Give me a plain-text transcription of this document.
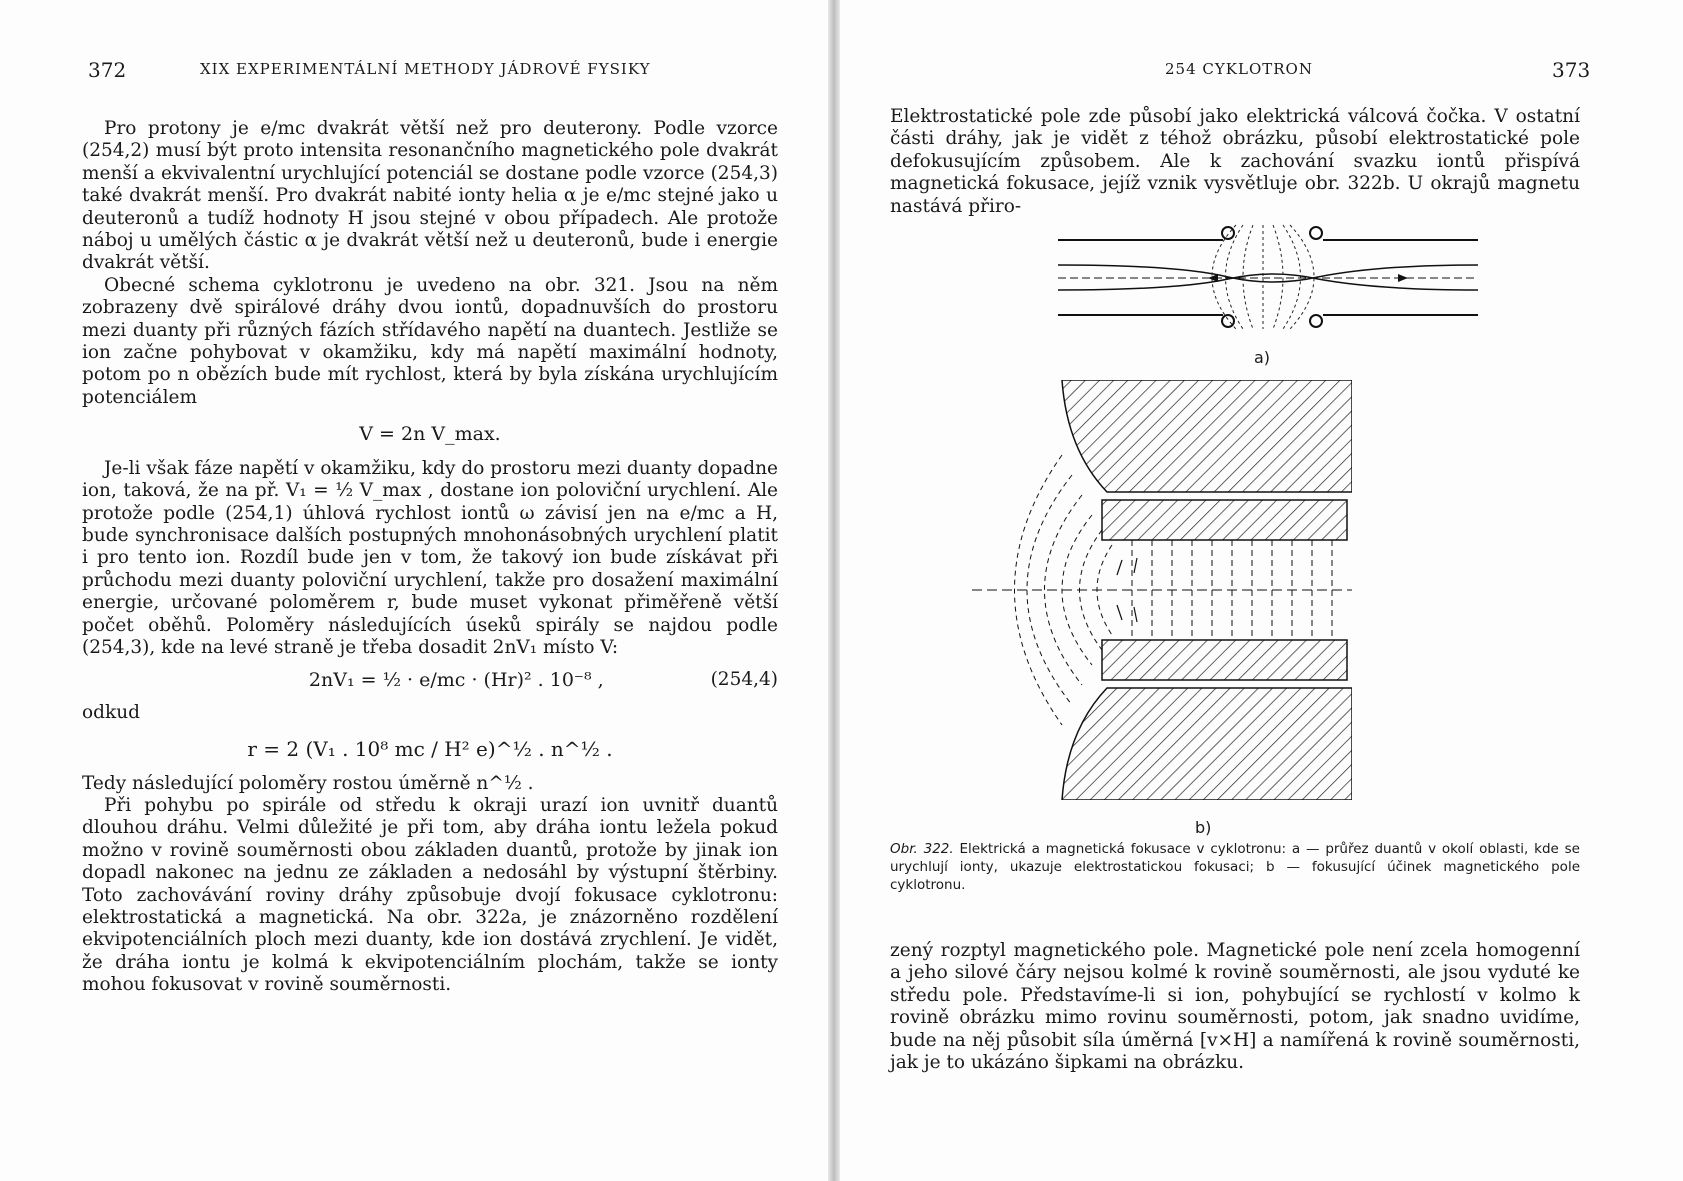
372	XIX EXPERIMENTÁLNÍ METHODY JÁDROVÉ FYSIKY

Pro protony je e/mc dvakrát větší než pro deuterony. Podle vzorce (254,2) musí být proto intensita resonančního magnetického pole dvakrát menší a ekvivalentní urychlující potenciál se dostane podle vzorce (254,3) také dvakrát menší. Pro dvakrát nabité ionty helia α je e/mc stejné jako u deuteronů a tudíž hodnoty H jsou stejné v obou případech. Ale protože náboj u umělých částic α je dvakrát větší než u deuteronů, bude i energie dvakrát větší.

Obecné schema cyklotronu je uvedeno na obr. 321. Jsou na něm zobrazeny dvě spirálové dráhy dvou iontů, dopadnuvších do prostoru mezi duanty při různých fázích střídavého napětí na duantech. Jestliže se ion začne pohybovat v okamžiku, kdy má napětí maximální hodnoty, potom po n obězích bude mít rychlost, která by byla získána urychlujícím potenciálem

V = 2n V_max.

Je-li však fáze napětí v okamžiku, kdy do prostoru mezi duanty dopadne ion, taková, že na př. V₁ = ½ V_max , dostane ion poloviční urychlení. Ale protože podle (254,1) úhlová rychlost iontů ω závisí jen na e/mc a H, bude synchronisace dalších postupných mnohonásobných urychlení platit i pro tento ion. Rozdíl bude jen v tom, že takový ion bude získávat při průchodu mezi duanty poloviční urychlení, takže pro dosažení maximální energie, určované poloměrem r, bude muset vykonat přiměřeně větší počet oběhů. Poloměry následujících úseků spirály se najdou podle (254,3), kde na levé straně je třeba dosadit 2nV₁ místo V:

2nV₁ = ½ · e/mc · (Hr)² . 10⁻⁸ ,	(254,4)

odkud

r = 2 (V₁ . 10⁸ mc / H² e)^½ . n^½ .

Tedy následující poloměry rostou úměrně n^½ .

Při pohybu po spirále od středu k okraji urazí ion uvnitř duantů dlouhou dráhu. Velmi důležité je při tom, aby dráha iontu ležela pokud možno v rovině souměrnosti obou základen duantů, protože by jinak ion dopadl nakonec na jednu ze základen a nedosáhl by výstupní štěrbiny. Toto zachovávání roviny dráhy způsobuje dvojí fokusace cyklotronu: elektrostatická a magnetická. Na obr. 322a, je znázorněno rozdělení ekvipotenciálních ploch mezi duanty, kde ion dostává zrychlení. Je vidět, že dráha iontu je kolmá k ekvipotenciálním plochám, takže se ionty mohou fokusovat v rovině souměrnosti.

254 CYKLOTRON	373

Elektrostatické pole zde působí jako elektrická válcová čočka. V ostatní části dráhy, jak je vidět z téhož obrázku, působí elektrostatické pole defokusujícím způsobem. Ale k zachování svazku iontů přispívá magnetická fokusace, jejíž vznik vysvětluje obr. 322b. U okrajů magnetu nastává přiro-

a)
b)
Obr. 322. Elektrická a magnetická fokusace v cyklotronu: a — průřez duantů v okolí oblasti, kde se urychlují ionty, ukazuje elektrostatickou fokusaci; b — fokusující účinek magnetického pole cyklotronu.

zený rozptyl magnetického pole. Magnetické pole není zcela homogenní a jeho silové čáry nejsou kolmé k rovině souměrnosti, ale jsou vyduté ke středu pole. Představíme-li si ion, pohybující se rychlostí v kolmo k rovině obrázku mimo rovinu souměrnosti, potom, jak snadno uvidíme, bude na něj působit síla úměrná [v×H] a namířená k rovině souměrnosti, jak je to ukázáno šipkami na obrázku.
